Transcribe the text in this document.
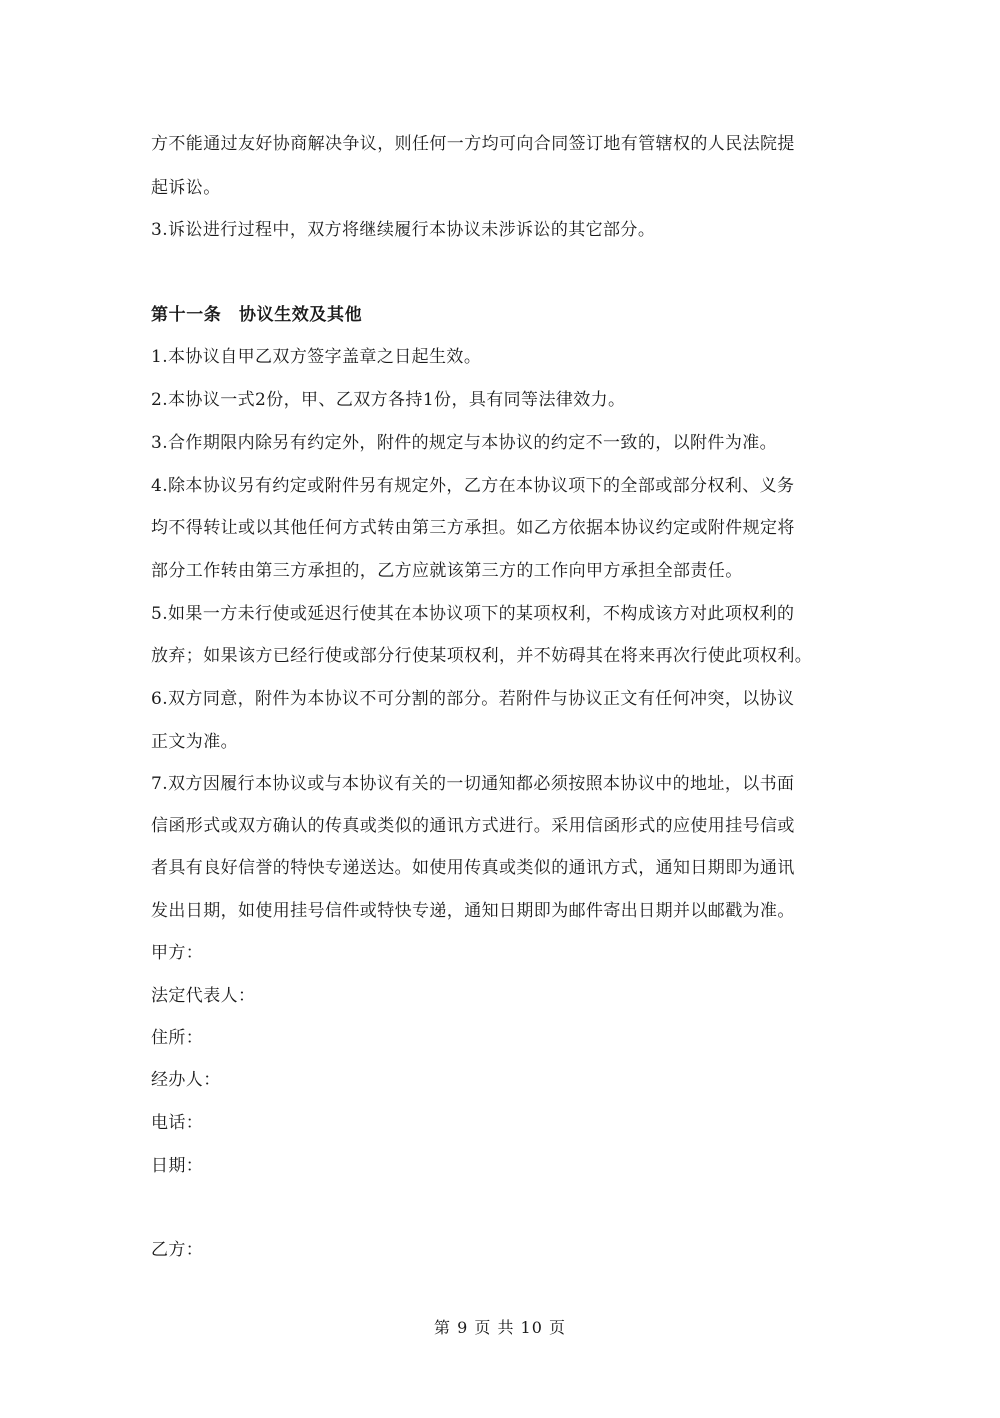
方不能通过友好协商解决争议，则任何一方均可向合同签订地有管辖权的人民法院提
起诉讼。
3.诉讼进行过程中，双方将继续履行本协议未涉诉讼的其它部分。
第十一条　协议生效及其他
1.本协议自甲乙双方签字盖章之日起生效。
2.本协议一式2份，甲、乙双方各持1份，具有同等法律效力。
3.合作期限内除另有约定外，附件的规定与本协议的约定不一致的，以附件为准。
4.除本协议另有约定或附件另有规定外，乙方在本协议项下的全部或部分权利、义务
均不得转让或以其他任何方式转由第三方承担。如乙方依据本协议约定或附件规定将
部分工作转由第三方承担的，乙方应就该第三方的工作向甲方承担全部责任。
5.如果一方未行使或延迟行使其在本协议项下的某项权利，不构成该方对此项权利的
放弃；如果该方已经行使或部分行使某项权利，并不妨碍其在将来再次行使此项权利。
6.双方同意，附件为本协议不可分割的部分。若附件与协议正文有任何冲突，以协议
正文为准。
7.双方因履行本协议或与本协议有关的一切通知都必须按照本协议中的地址，以书面
信函形式或双方确认的传真或类似的通讯方式进行。采用信函形式的应使用挂号信或
者具有良好信誉的特快专递送达。如使用传真或类似的通讯方式，通知日期即为通讯
发出日期，如使用挂号信件或特快专递，通知日期即为邮件寄出日期并以邮戳为准。
甲方：
法定代表人：
住所：
经办人：
电话：
日期：
乙方：
第 9 页 共 10 页
